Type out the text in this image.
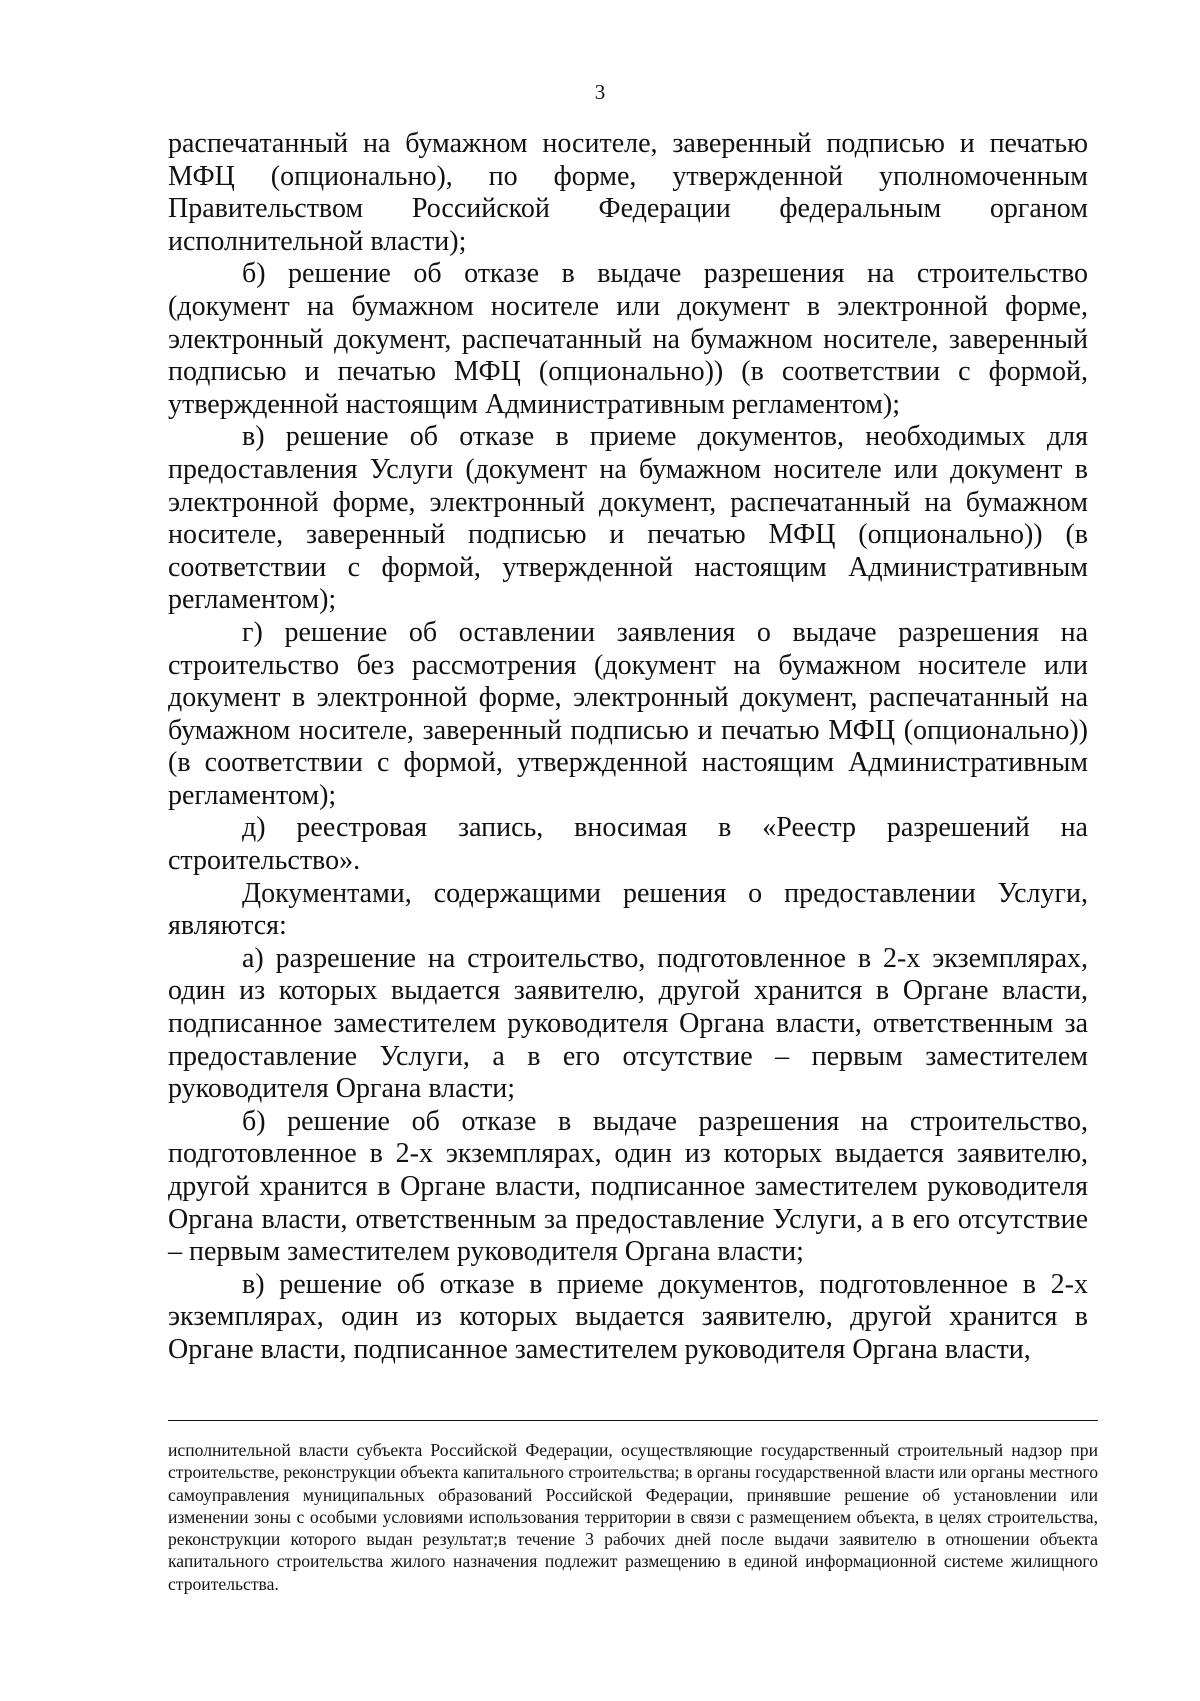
3

распечатанный на бумажном носителе, заверенный подписью и печатью МФЦ (опционально), по форме, утвержденной уполномоченным Правительством Российской Федерации федеральным органом исполнительной власти);

б) решение об отказе в выдаче разрешения на строительство (документ на бумажном носителе или документ в электронной форме, электронный документ, распечатанный на бумажном носителе, заверенный подписью и печатью МФЦ (опционально)) (в соответствии с формой, утвержденной настоящим Административным регламентом);

в) решение об отказе в приеме документов, необходимых для предоставления Услуги (документ на бумажном носителе или документ в электронной форме, электронный документ, распечатанный на бумажном носителе, заверенный подписью и печатью МФЦ (опционально)) (в соответствии с формой, утвержденной настоящим Административным регламентом);

г) решение об оставлении заявления о выдаче разрешения на строительство без рассмотрения (документ на бумажном носителе или документ в электронной форме, электронный документ, распечатанный на бумажном носителе, заверенный подписью и печатью МФЦ (опционально)) (в соответствии с формой, утвержденной настоящим Административным регламентом);

д) реестровая запись, вносимая в «Реестр разрешений на строительство».

Документами, содержащими решения о предоставлении Услуги, являются:

а) разрешение на строительство, подготовленное в 2-х экземплярах, один из которых выдается заявителю, другой хранится в Органе власти, подписанное заместителем руководителя Органа власти, ответственным за предоставление Услуги, а в его отсутствие – первым заместителем руководителя Органа власти;

б) решение об отказе в выдаче разрешения на строительство, подготовленное в 2-х экземплярах, один из которых выдается заявителю, другой хранится в Органе власти, подписанное заместителем руководителя Органа власти, ответственным за предоставление Услуги, а в его отсутствие – первым заместителем руководителя Органа власти;

в) решение об отказе в приеме документов, подготовленное в 2-х экземплярах, один из которых выдается заявителю, другой хранится в Органе власти, подписанное заместителем руководителя Органа власти,

исполнительной власти субъекта Российской Федерации, осуществляющие государственный строительный надзор при строительстве, реконструкции объекта капитального строительства; в органы государственной власти или органы местного самоуправления муниципальных образований Российской Федерации, принявшие решение об установлении или изменении зоны с особыми условиями использования территории в связи с размещением объекта, в целях строительства, реконструкции которого выдан результат;в течение 3 рабочих дней после выдачи заявителю в отношении объекта капитального строительства жилого назначения подлежит размещению в единой информационной системе жилищного строительства.
